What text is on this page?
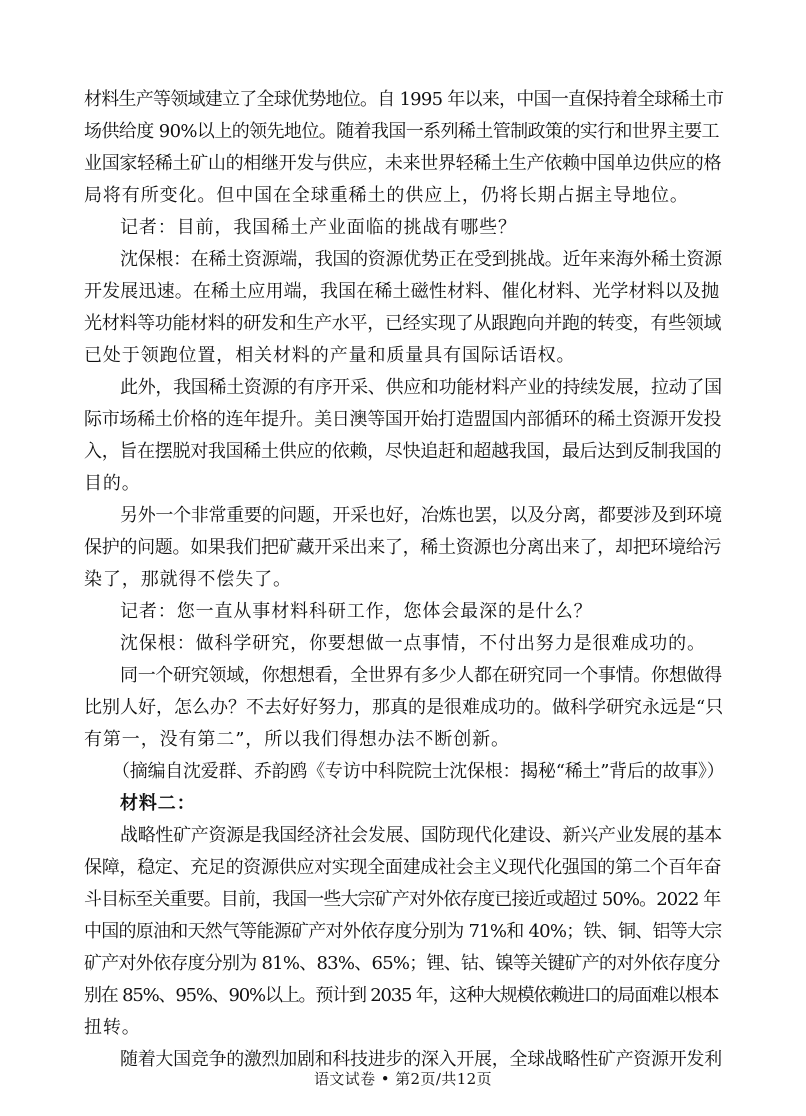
材料生产等领域建立了全球优势地位。自 1995 年以来，中国一直保持着全球稀土市
场供给度 90%以上的领先地位。随着我国一系列稀土管制政策的实行和世界主要工
业国家轻稀土矿山的相继开发与供应，未来世界轻稀土生产依赖中国单边供应的格
局将有所变化。但中国在全球重稀土的供应上，仍将长期占据主导地位。
记者：目前，我国稀土产业面临的挑战有哪些？
沈保根：在稀土资源端，我国的资源优势正在受到挑战。近年来海外稀土资源
开发展迅速。在稀土应用端，我国在稀土磁性材料、催化材料、光学材料以及抛
光材料等功能材料的研发和生产水平，已经实现了从跟跑向并跑的转变，有些领域
已处于领跑位置，相关材料的产量和质量具有国际话语权。
此外，我国稀土资源的有序开采、供应和功能材料产业的持续发展，拉动了国
际市场稀土价格的连年提升。美日澳等国开始打造盟国内部循环的稀土资源开发投
入，旨在摆脱对我国稀土供应的依赖，尽快追赶和超越我国，最后达到反制我国的
目的。
另外一个非常重要的问题，开采也好，冶炼也罢，以及分离，都要涉及到环境
保护的问题。如果我们把矿藏开采出来了，稀土资源也分离出来了，却把环境给污
染了，那就得不偿失了。
记者：您一直从事材料科研工作，您体会最深的是什么？
沈保根：做科学研究，你要想做一点事情，不付出努力是很难成功的。
同一个研究领域，你想想看，全世界有多少人都在研究同一个事情。你想做得
比别人好，怎么办？不去好好努力，那真的是很难成功的。做科学研究永远是“只
有第一，没有第二”，所以我们得想办法不断创新。
（摘编自沈爱群、乔韵鸥《专访中科院院士沈保根：揭秘“稀土”背后的故事》）
材料二：
战略性矿产资源是我国经济社会发展、国防现代化建设、新兴产业发展的基本
保障，稳定、充足的资源供应对实现全面建成社会主义现代化强国的第二个百年奋
斗目标至关重要。目前，我国一些大宗矿产对外依存度已接近或超过 50%。2022 年
中国的原油和天然气等能源矿产对外依存度分别为 71%和 40%；铁、铜、铝等大宗
矿产对外依存度分别为 81%、83%、65%；锂、钴、镍等关键矿产的对外依存度分
别在 85%、95%、90%以上。预计到 2035 年，这种大规模依赖进口的局面难以根本
扭转。
随着大国竞争的激烈加剧和科技进步的深入开展，全球战略性矿产资源开发利
语文试卷 • 第2页/共12页
